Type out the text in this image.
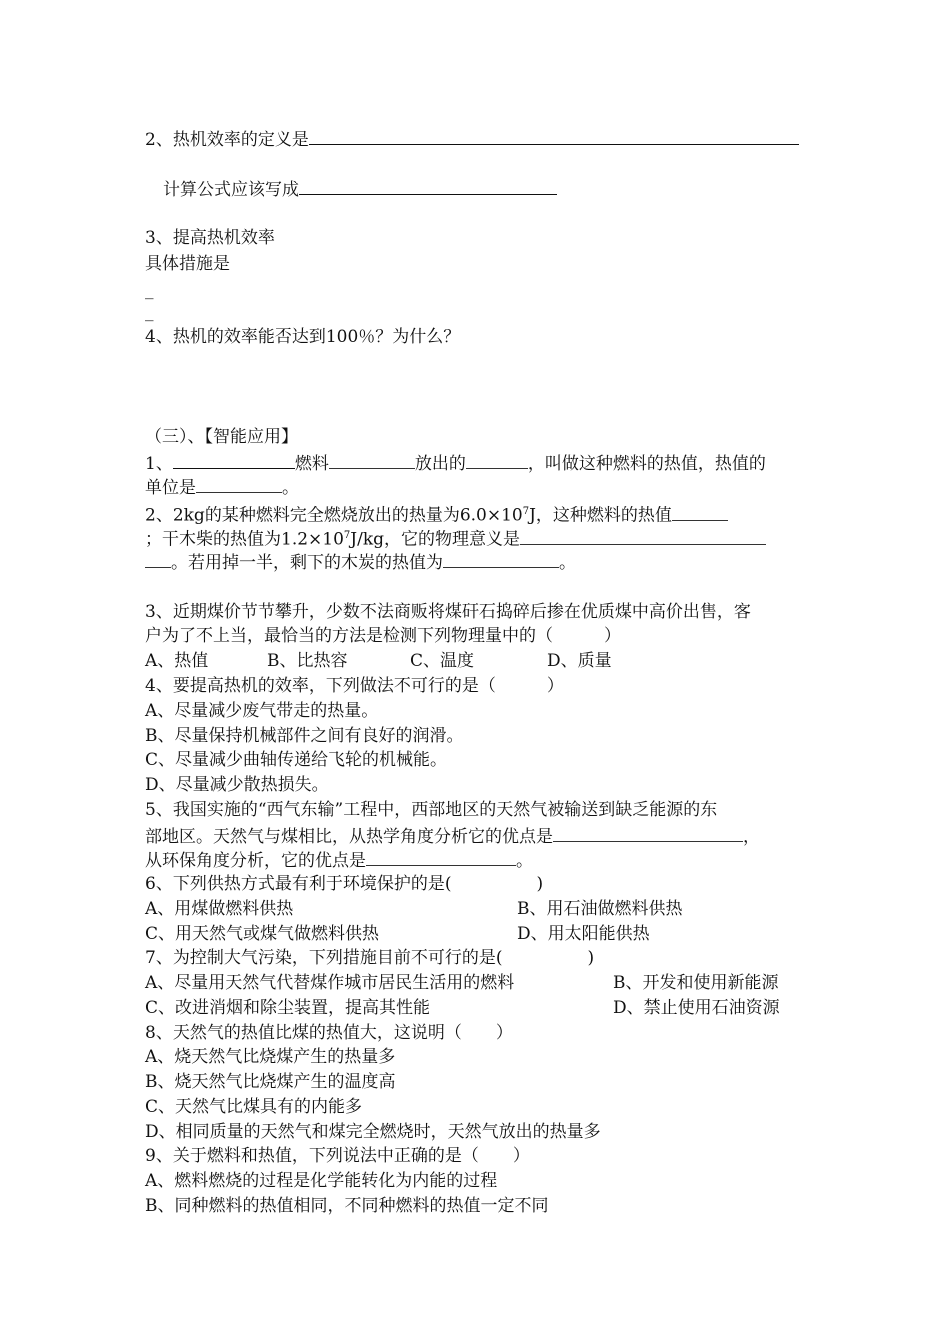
2、热机效率的定义是
计算公式应该写成
3、提高热机效率
具体措施是
_
_
4、热机的效率能否达到100％？为什么？
（三）、【智能应用】
1、	燃料	放出的	，叫做这种燃料的热值，热值的
单位是	。
2、2kg的某种燃料完全燃烧放出的热量为$6.0\times 10^7J$，这种燃料的热值
；干木柴的热值为$1.2\times 10^7J/kg$，它的物理意义是
。若用掉一半，剩下的木炭的热值为	。
3、近期煤价节节攀升，少数不法商贩将煤矸石捣碎后掺在优质煤中高价出售，客
户为了不上当，最恰当的方法是检测下列物理量中的（　　　）
A、热值	B、比热容	C、温度	D、质量
4、要提高热机的效率，下列做法不可行的是（　　　）
A、尽量减少废气带走的热量。
B、尽量保持机械部件之间有良好的润滑。
C、尽量减少曲轴传递给飞轮的机械能。
D、尽量减少散热损失。
5、我国实施的“西气东输”工程中，西部地区的天然气被输送到缺乏能源的东
部地区。天然气与煤相比，从热学角度分析它的优点是	，
从环保角度分析，它的优点是	。
6、下列供热方式最有利于环境保护的是(　　　　　)
A、用煤做燃料供热	B、用石油做燃料供热
C、用天然气或煤气做燃料供热	D、用太阳能供热
7、为控制大气污染，下列措施目前不可行的是(　　　　　)
A、尽量用天然气代替煤作城市居民生活用的燃料	B、开发和使用新能源
C、改进消烟和除尘装置，提高其性能	D、禁止使用石油资源
8、天然气的热值比煤的热值大，这说明（　　）
A、烧天然气比烧煤产生的热量多
B、烧天然气比烧煤产生的温度高
C、天然气比煤具有的内能多
D、相同质量的天然气和煤完全燃烧时，天然气放出的热量多
9、关于燃料和热值，下列说法中正确的是（　　）
A、燃料燃烧的过程是化学能转化为内能的过程
B、同种燃料的热值相同，不同种燃料的热值一定不同
